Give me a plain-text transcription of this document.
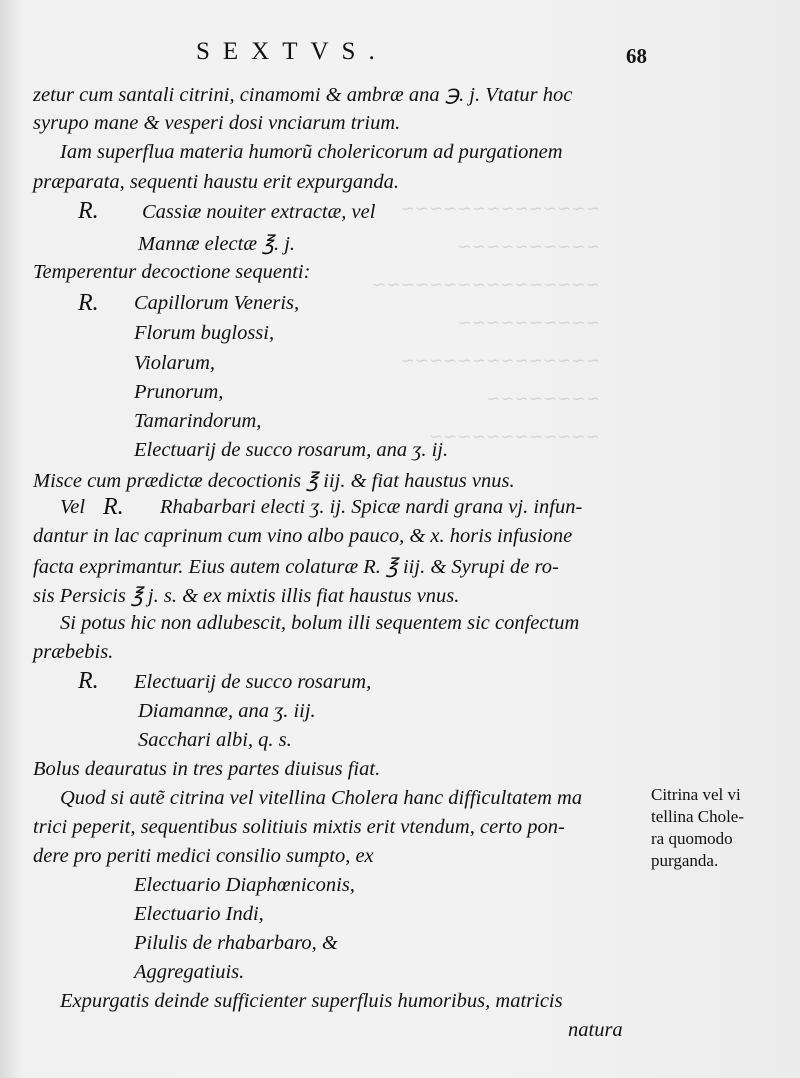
~~~~~~~~~~~~~~
~~~~~~~~~~
~~~~~~~~~~~~~~~~
~~~~~~~~~~
~~~~~~~~~~~~~~
~~~~~~~~
~~~~~~~~~~~~
SEXTVS.	68
zetur cum santali citrini, cinamomi & ambræ ana ℈. j. Vtatur hoc
syrupo mane & vesperi dosi vnciarum trium.
Iam superflua materia humorũ cholericorum ad purgationem
præparata, sequenti haustu erit expurganda.
R. Cassiæ nouiter extractæ, vel
Mannæ electæ ℥. j.
Temperentur decoctione sequenti:
R. Capillorum Veneris,
Florum buglossi,
Violarum,
Prunorum,
Tamarindorum,
Electuarij de succo rosarum, ana ʒ. ij.
Misce cum prædictæ decoctionis ℥ iij. & fiat haustus vnus.
Vel R. Rhabarbari electi ʒ. ij. Spicæ nardi grana vj. infun-
dantur in lac caprinum cum vino albo pauco, & x. horis infusione
facta exprimantur. Eius autem colaturæ R. ℥ iij. & Syrupi de ro-
sis Persicis ℥ j. s. & ex mixtis illis fiat haustus vnus.
Si potus hic non adlubescit, bolum illi sequentem sic confectum
præbebis.
R. Electuarij de succo rosarum,
Diamannæ, ana ʒ. iij.
Sacchari albi, q. s.
Bolus deauratus in tres partes diuisus fiat.
Quod si autẽ citrina vel vitellina Cholera hanc difficultatem ma
trici peperit, sequentibus solitiuis mixtis erit vtendum, certo pon-
dere pro periti medici consilio sumpto, ex
Electuario Diaphœniconis,
Electuario Indi,
Pilulis de rhabarbaro, &
Aggregatiuis.
Expurgatis deinde sufficienter superfluis humoribus, matricis
natura
Citrina vel vi
tellina Chole-
ra quomodo
purganda.
